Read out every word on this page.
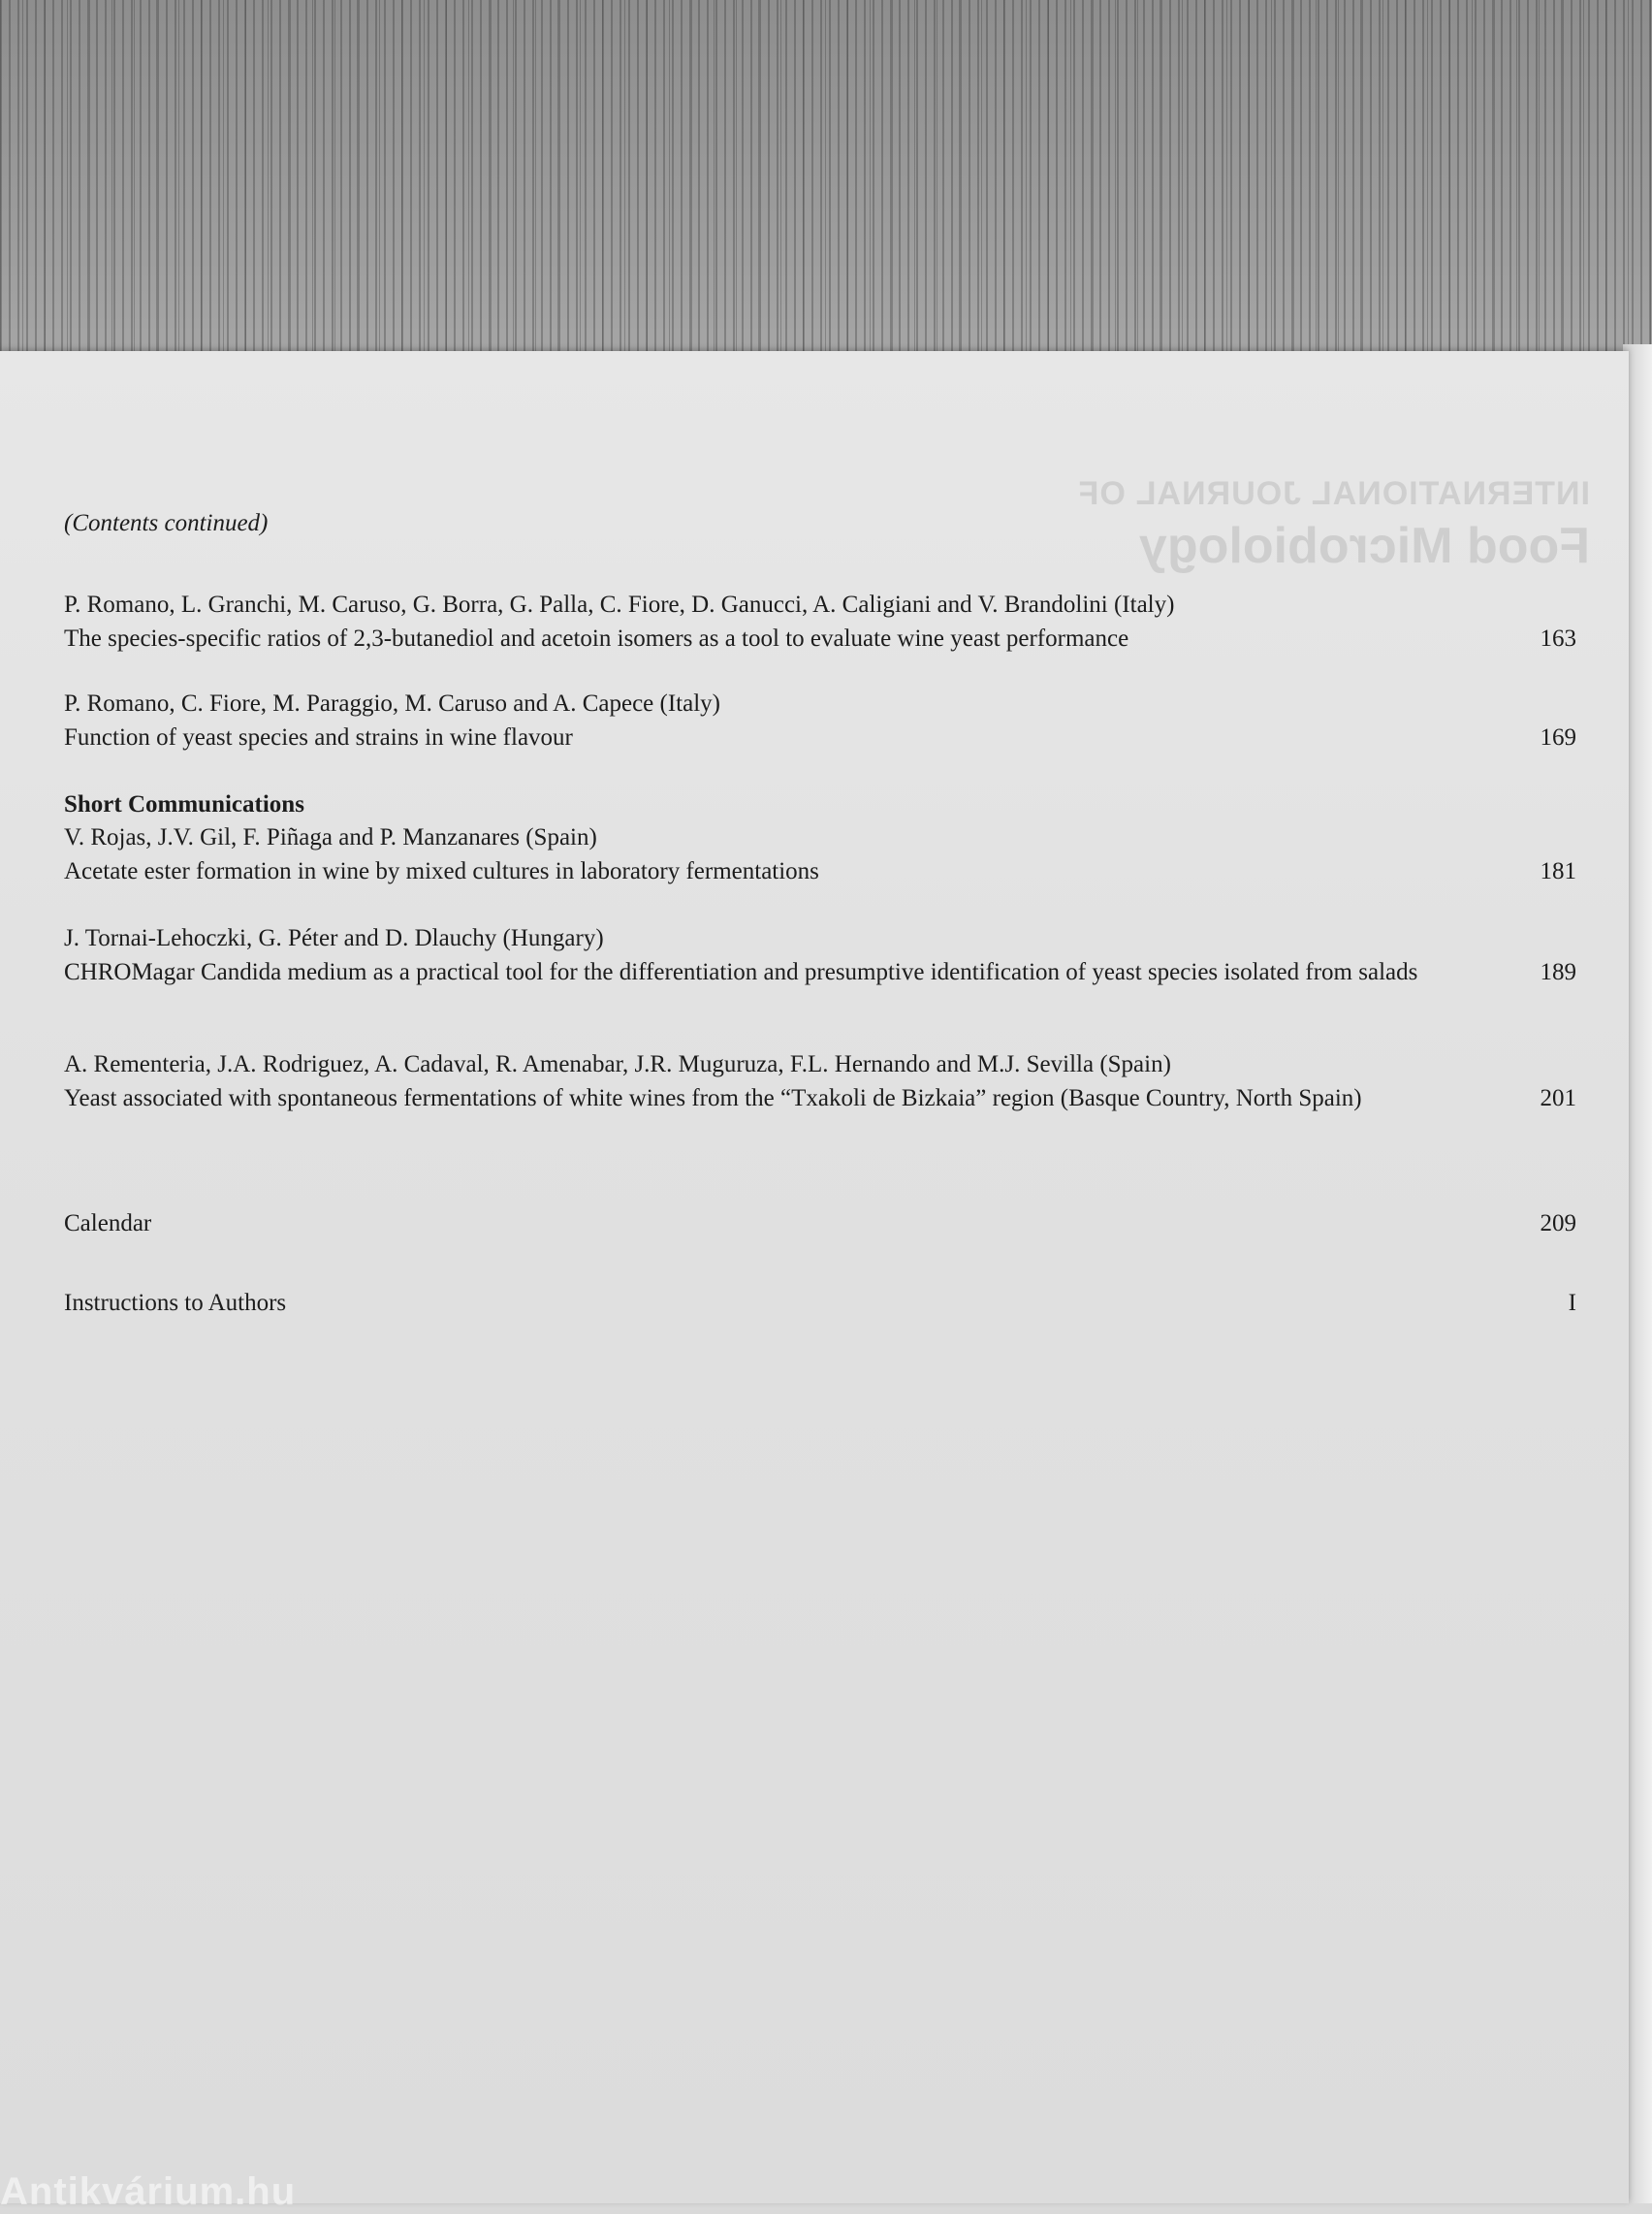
(Contents continued)
P. Romano, L. Granchi, M. Caruso, G. Borra, G. Palla, C. Fiore, D. Ganucci, A. Caligiani and V. Brandolini (Italy)
The species-specific ratios of 2,3-butanediol and acetoin isomers as a tool to evaluate wine yeast performance	163
P. Romano, C. Fiore, M. Paraggio, M. Caruso and A. Capece (Italy)
Function of yeast species and strains in wine flavour	169
Short Communications
V. Rojas, J.V. Gil, F. Piñaga and P. Manzanares (Spain)
Acetate ester formation in wine by mixed cultures in laboratory fermentations	181
J. Tornai-Lehoczki, G. Péter and D. Dlauchy (Hungary)
CHROMagar Candida medium as a practical tool for the differentiation and presumptive identification of yeast species isolated from salads	189
A. Rementeria, J.A. Rodriguez, A. Cadaval, R. Amenabar, J.R. Muguruza, F.L. Hernando and M.J. Sevilla (Spain)
Yeast associated with spontaneous fermentations of white wines from the “Txakoli de Bizkaia” region (Basque Country, North Spain)	201
Calendar	209
Instructions to Authors	I
Antikvárium.hu
